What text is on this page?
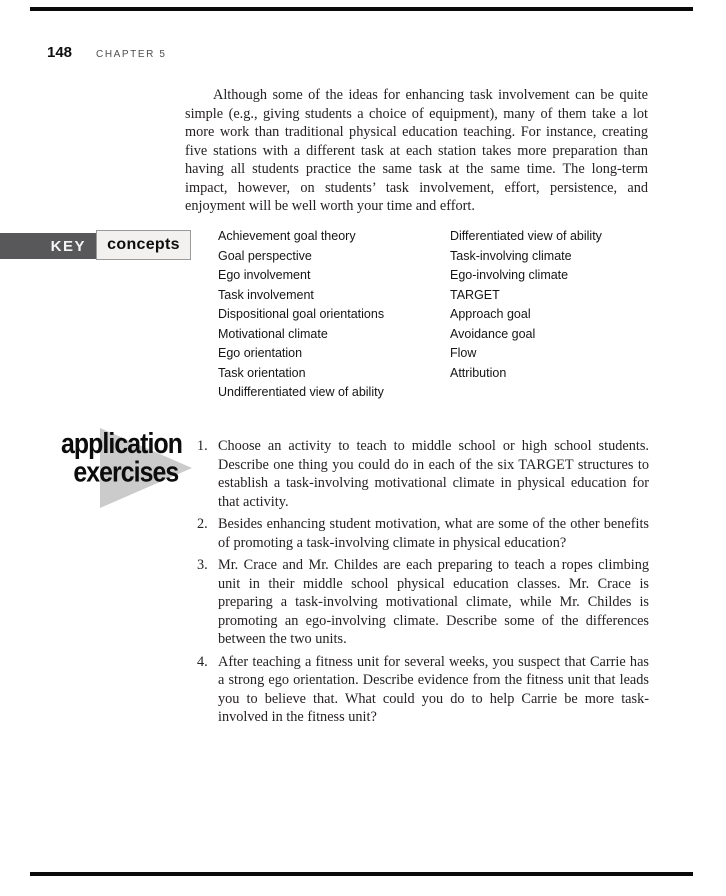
148 CHAPTER 5

Although some of the ideas for enhancing task involvement can be quite simple (e.g., giving students a choice of equipment), many of them take a lot more work than traditional physical education teaching. For instance, creating five stations with a different task at each station takes more preparation than having all students practice the same task at the same time. The long-term impact, however, on students’ task involvement, effort, persistence, and enjoyment will be well worth your time and effort.

KEY concepts	Achievement goal theory
Goal perspective
Ego involvement
Task involvement
Dispositional goal orientations
Motivational climate
Ego orientation
Task orientation
Undifferentiated view of ability
Differentiated view of ability
Task-involving climate
Ego-involving climate
TARGET
Approach goal
Avoidance goal
Flow
Attribution
application
exercises
1. Choose an activity to teach to middle school or high school students. Describe one thing you could do in each of the six TARGET structures to establish a task-involving motivational climate in physical education for that activity.
2. Besides enhancing student motivation, what are some of the other benefits of promoting a task-involving climate in physical education?
3. Mr. Crace and Mr. Childes are each preparing to teach a ropes climbing unit in their middle school physical education classes. Mr. Crace is preparing a task-involving motivational climate, while Mr. Childes is promoting an ego-involving climate. Describe some of the differences between the two units.
4. After teaching a fitness unit for several weeks, you suspect that Carrie has a strong ego orientation. Describe evidence from the fitness unit that leads you to believe that. What could you do to help Carrie be more task-involved in the fitness unit?
